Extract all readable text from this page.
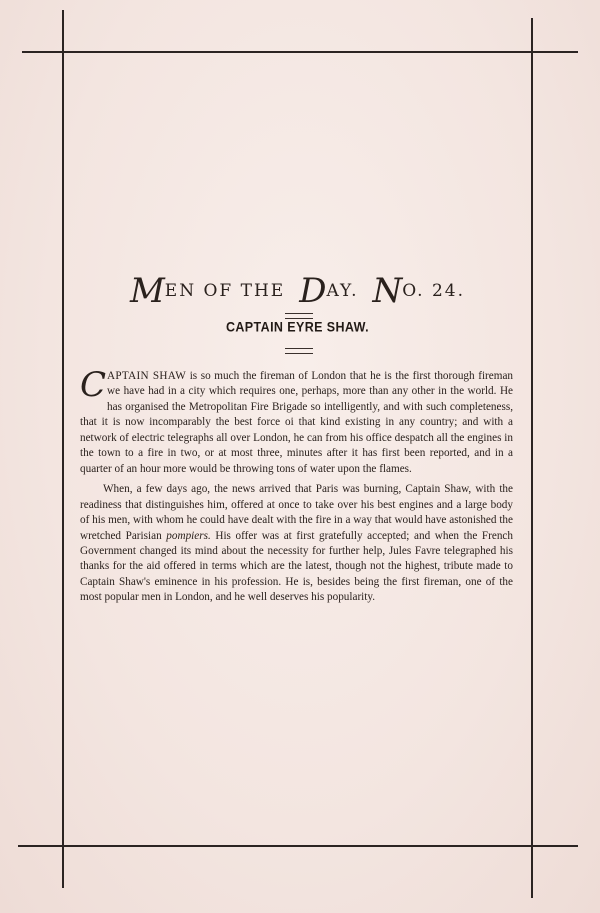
MEN OF THE DAY. NO. 24.
CAPTAIN EYRE SHAW.

CAPTAIN SHAW is so much the fireman of London that he is the first thorough fireman we have had in a city which requires one, perhaps, more than any other in the world. He has organised the Metropolitan Fire Brigade so intelligently, and with such completeness, that it is now incomparably the best force oi that kind existing in any country; and with a network of electric telegraphs all over London, he can from his office despatch all the engines in the town to a fire in two, or at most three, minutes after it has first been reported, and in a quarter of an hour more would be throwing tons of water upon the flames.

When, a few days ago, the news arrived that Paris was burning, Captain Shaw, with the readiness that distinguishes him, offered at once to take over his best engines and a large body of his men, with whom he could have dealt with the fire in a way that would have astonished the wretched Parisian pompiers. His offer was at first gratefully accepted; and when the French Government changed its mind about the necessity for further help, Jules Favre telegraphed his thanks for the aid offered in terms which are the latest, though not the highest, tribute made to Captain Shaw's eminence in his profession. He is, besides being the first fireman, one of the most popular men in London, and he well deserves his popularity.
